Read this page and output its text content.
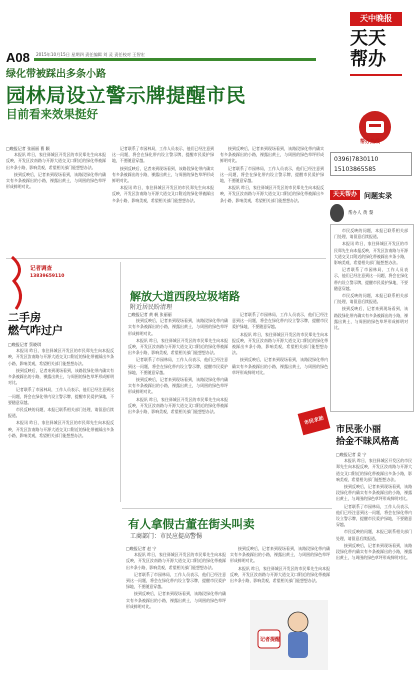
A08 2015年10月15日 星期四 责任编辑 刘 灵 责任校对 王智宏
天中晚报
天天帮办
绿化带被踩出多条小路
园林局设立警示牌提醒市民
目前看来效果挺好
帮办热线
0396)7830110
15103865585
□晚报记者 张丽丽 曹 颖

本报讯 昨日，家住驿城区开发区的市民郑先生向本报反映，开发区汝南路与开源大道交叉口附近的绿化带被踩出多条小路，影响美观，希望相关部门能想想办法。

接到反映后，记者来到现场看到，该路段绿化带内确实有多条被踩出的小路，裸露出黄土，与周围的绿色草坪形成鲜明对比。

记者联系了市园林局，工作人员表示，他们已经注意到这一问题，将会在绿化带内设立警示牌，提醒市民爱护绿地，不要随意穿越。

接到反映后，记者来到现场看到，该路段绿化带内确实有多条被踩出的小路，裸露出黄土，与周围的绿色草坪形成鲜明对比。

本报讯 昨日，家住驿城区开发区的市民郑先生向本报反映，开发区汝南路与开源大道交叉口附近的绿化带被踩出多条小路，影响美观，希望相关部门能想想办法。

接到反映后，记者来到现场看到，该路段绿化带内确实有多条被踩出的小路，裸露出黄土，与周围的绿色草坪形成鲜明对比。

记者联系了市园林局，工作人员表示，他们已经注意到这一问题，将会在绿化带内设立警示牌，提醒市民爱护绿地，不要随意穿越。

本报讯 昨日，家住驿城区开发区的市民郑先生向本报反映，开发区汝南路与开源大道交叉口附近的绿化带被踩出多条小路，影响美观，希望相关部门能想想办法。

天天帮办	问题实录
帮办人 黄 黎

市民反映的问题，本报已联系相关部门处理，请留意后续报道。

本报讯 昨日，家住驿城区开发区的市民郑先生向本报反映，开发区汝南路与开源大道交叉口附近的绿化带被踩出多条小路，影响美观，希望相关部门能想想办法。

记者联系了市园林局，工作人员表示，他们已经注意到这一问题，将会在绿化带内设立警示牌，提醒市民爱护绿地，不要随意穿越。

市民反映的问题，本报已联系相关部门处理，请留意后续报道。

接到反映后，记者来到现场看到，该路段绿化带内确实有多条被踩出的小路，裸露出黄土，与周围的绿色草坪形成鲜明对比。

记者调查
13839659110
二手房
燃气咋过户
□晚报记者 蔡晓琪

本报讯 昨日，家住驿城区开发区的市民郑先生向本报反映，开发区汝南路与开源大道交叉口附近的绿化带被踩出多条小路，影响美观，希望相关部门能想想办法。

接到反映后，记者来到现场看到，该路段绿化带内确实有多条被踩出的小路，裸露出黄土，与周围的绿色草坪形成鲜明对比。

记者联系了市园林局，工作人员表示，他们已经注意到这一问题，将会在绿化带内设立警示牌，提醒市民爱护绿地，不要随意穿越。

市民反映的问题，本报已联系相关部门处理，请留意后续报道。

本报讯 昨日，家住驿城区开发区的市民郑先生向本报反映，开发区汝南路与开源大道交叉口附近的绿化带被踩出多条小路，影响美观，希望相关部门能想想办法。

解放大道西段垃圾堵路
附近居民盼清理
□晚报记者 黄 帆 张丽丽

接到反映后，记者来到现场看到，该路段绿化带内确实有多条被踩出的小路，裸露出黄土，与周围的绿色草坪形成鲜明对比。

本报讯 昨日，家住驿城区开发区的市民郑先生向本报反映，开发区汝南路与开源大道交叉口附近的绿化带被踩出多条小路，影响美观，希望相关部门能想想办法。

记者联系了市园林局，工作人员表示，他们已经注意到这一问题，将会在绿化带内设立警示牌，提醒市民爱护绿地，不要随意穿越。

接到反映后，记者来到现场看到，该路段绿化带内确实有多条被踩出的小路，裸露出黄土，与周围的绿色草坪形成鲜明对比。

本报讯 昨日，家住驿城区开发区的市民郑先生向本报反映，开发区汝南路与开源大道交叉口附近的绿化带被踩出多条小路，影响美观，希望相关部门能想想办法。

记者联系了市园林局，工作人员表示，他们已经注意到这一问题，将会在绿化带内设立警示牌，提醒市民爱护绿地，不要随意穿越。

本报讯 昨日，家住驿城区开发区的市民郑先生向本报反映，开发区汝南路与开源大道交叉口附近的绿化带被踩出多条小路，影响美观，希望相关部门能想想办法。

接到反映后，记者来到现场看到，该路段绿化带内确实有多条被踩出的小路，裸露出黄土，与周围的绿色草坪形成鲜明对比。

市民求助
市民张小丽
拾金不昧风格高
□晚报记者 姜 宁

本报讯 昨日，家住驿城区开发区的市民郑先生向本报反映，开发区汝南路与开源大道交叉口附近的绿化带被踩出多条小路，影响美观，希望相关部门能想想办法。

接到反映后，记者来到现场看到，该路段绿化带内确实有多条被踩出的小路，裸露出黄土，与周围的绿色草坪形成鲜明对比。

记者联系了市园林局，工作人员表示，他们已经注意到这一问题，将会在绿化带内设立警示牌，提醒市民爱护绿地，不要随意穿越。

市民反映的问题，本报已联系相关部门处理，请留意后续报道。

接到反映后，记者来到现场看到，该路段绿化带内确实有多条被踩出的小路，裸露出黄土，与周围的绿色草坪形成鲜明对比。

有人拿假古董在街头叫卖
工商部门：市民应提高警惕
□晚报记者 赵 宁

本报讯 昨日，家住驿城区开发区的市民郑先生向本报反映，开发区汝南路与开源大道交叉口附近的绿化带被踩出多条小路，影响美观，希望相关部门能想想办法。

记者联系了市园林局，工作人员表示，他们已经注意到这一问题，将会在绿化带内设立警示牌，提醒市民爱护绿地，不要随意穿越。

接到反映后，记者来到现场看到，该路段绿化带内确实有多条被踩出的小路，裸露出黄土，与周围的绿色草坪形成鲜明对比。

接到反映后，记者来到现场看到，该路段绿化带内确实有多条被踩出的小路，裸露出黄土，与周围的绿色草坪形成鲜明对比。

本报讯 昨日，家住驿城区开发区的市民郑先生向本报反映，开发区汝南路与开源大道交叉口附近的绿化带被踩出多条小路，影响美观，希望相关部门能想想办法。

记者提醒
